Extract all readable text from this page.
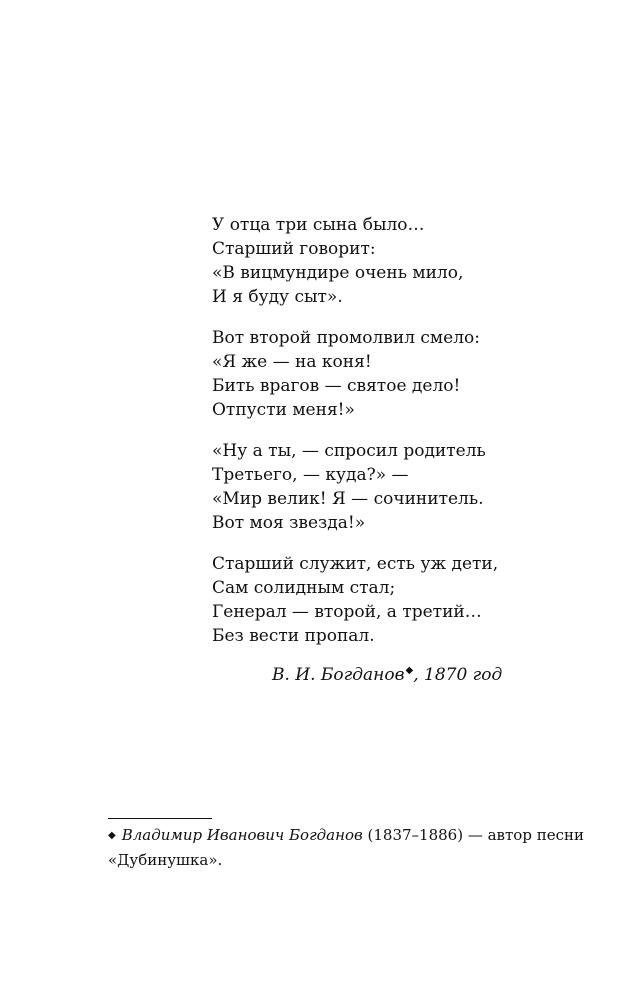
У отца три сына было…
Старший говорит:
«В вицмундире очень мило,
И я буду сыт».
Вот второй промолвил смело:
«Я же — на коня!
Бить врагов — святое дело!
Отпусти меня!»
«Ну а ты, — спросил родитель
Третьего, — куда?» —
«Мир велик! Я — сочинитель.
Вот моя звезда!»
Старший служит, есть уж дети,
Сам солидным стал;
Генерал — второй, а третий…
Без вести пропал.
В. И. Богданов◆, 1870 год
◆ Владимир Иванович Богданов (1837–1886) — автор песни
«Дубинушка».
